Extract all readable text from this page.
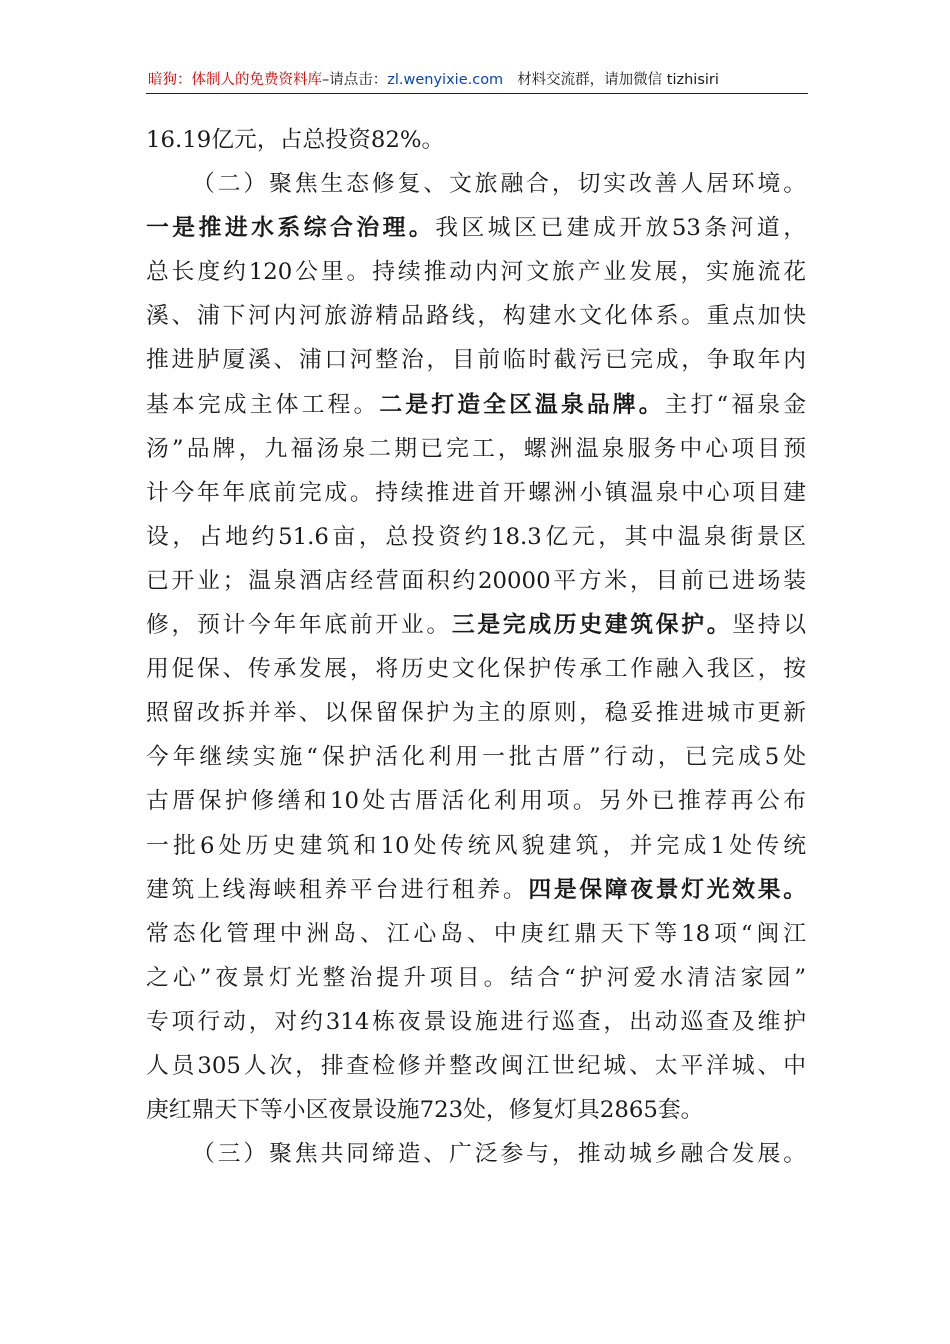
暗狗：体制人的免费资料库–请点击：zl.wenyixie.com 材料交流群，请加微信 tizhisiri
16.19亿元，占总投资82%。
（二）聚焦生态修复、文旅融合，切实改善人居环境。
一是推进水系综合治理。我区城区已建成开放53条河道，
总长度约120公里。持续推动内河文旅产业发展，实施流花
溪、浦下河内河旅游精品路线，构建水文化体系。重点加快
推进胪厦溪、浦口河整治，目前临时截污已完成，争取年内
基本完成主体工程。二是打造全区温泉品牌。主打“福泉金
汤”品牌，九福汤泉二期已完工，螺洲温泉服务中心项目预
计今年年底前完成。持续推进首开螺洲小镇温泉中心项目建
设，占地约51.6亩，总投资约18.3亿元，其中温泉街景区
已开业；温泉酒店经营面积约20000平方米，目前已进场装
修，预计今年年底前开业。三是完成历史建筑保护。坚持以
用促保、传承发展，将历史文化保护传承工作融入我区，按
照留改拆并举、以保留保护为主的原则，稳妥推进城市更新
今年继续实施“保护活化利用一批古厝”行动，已完成5处
古厝保护修缮和10处古厝活化利用项。另外已推荐再公布
一批6处历史建筑和10处传统风貌建筑，并完成1处传统
建筑上线海峡租养平台进行租养。四是保障夜景灯光效果。
常态化管理中洲岛、江心岛、中庚红鼎天下等18项“闽江
之心”夜景灯光整治提升项目。结合“护河爱水清洁家园”
专项行动，对约314栋夜景设施进行巡查，出动巡查及维护
人员305人次，排查检修并整改闽江世纪城、太平洋城、中
庚红鼎天下等小区夜景设施723处，修复灯具2865套。
（三）聚焦共同缔造、广泛参与，推动城乡融合发展。
